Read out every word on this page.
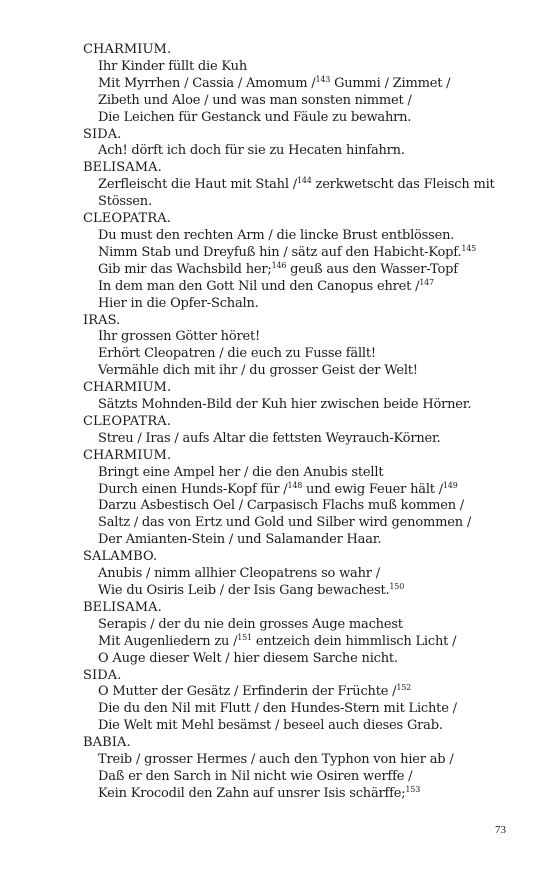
CHARMIUM.
Ihr Kinder füllt die Kuh
Mit Myrrhen / Cassia / Amomum /$^{143}$ Gummi / Zimmet /
Zibeth und Aloe / und was man sonsten nimmet /
Die Leichen für Gestanck und Fäule zu bewahrn.
SIDA.
Ach! dörft ich doch für sie zu Hecaten hinfahrn.
BELISAMA.
Zerfleischt die Haut mit Stahl /$^{144}$ zerkwetscht das Fleisch mit
Stössen.
CLEOPATRA.
Du must den rechten Arm / die lincke Brust entblössen.
Nimm Stab und Dreyfuß hin / sätz auf den Habicht-Kopf.$^{145}$
Gib mir das Wachsbild her;$^{146}$ geuß aus den Wasser-Topf
In dem man den Gott Nil und den Canopus ehret /$^{147}$
Hier in die Opfer-Schaln.
IRAS.
Ihr grossen Götter höret!
Erhört Cleopatren / die euch zu Fusse fällt!
Vermähle dich mit ihr / du grosser Geist der Welt!
CHARMIUM.
Sätzts Mohnden-Bild der Kuh hier zwischen beide Hörner.
CLEOPATRA.
Streu / Iras / aufs Altar die fettsten Weyrauch-Körner.
CHARMIUM.
Bringt eine Ampel her / die den Anubis stellt
Durch einen Hunds-Kopf für /$^{148}$ und ewig Feuer hält /$^{149}$
Darzu Asbestisch Oel / Carpasisch Flachs muß kommen /
Saltz / das von Ertz und Gold und Silber wird genommen /
Der Amianten-Stein / und Salamander Haar.
SALAMBO.
Anubis / nimm allhier Cleopatrens so wahr /
Wie du Osiris Leib / der Isis Gang bewachest.$^{150}$
BELISAMA.
Serapis / der du nie dein grosses Auge machest
Mit Augenliedern zu /$^{151}$ entzeich dein himmlisch Licht /
O Auge dieser Welt / hier diesem Sarche nicht.
SIDA.
O Mutter der Gesätz / Erfinderin der Früchte /$^{152}$
Die du den Nil mit Flutt / den Hundes-Stern mit Lichte /
Die Welt mit Mehl besämst / beseel auch dieses Grab.
BABIA.
Treib / grosser Hermes / auch den Typhon von hier ab /
Daß er den Sarch in Nil nicht wie Osiren werffe /
Kein Krocodil den Zahn auf unsrer Isis schärffe;$^{153}$
73
